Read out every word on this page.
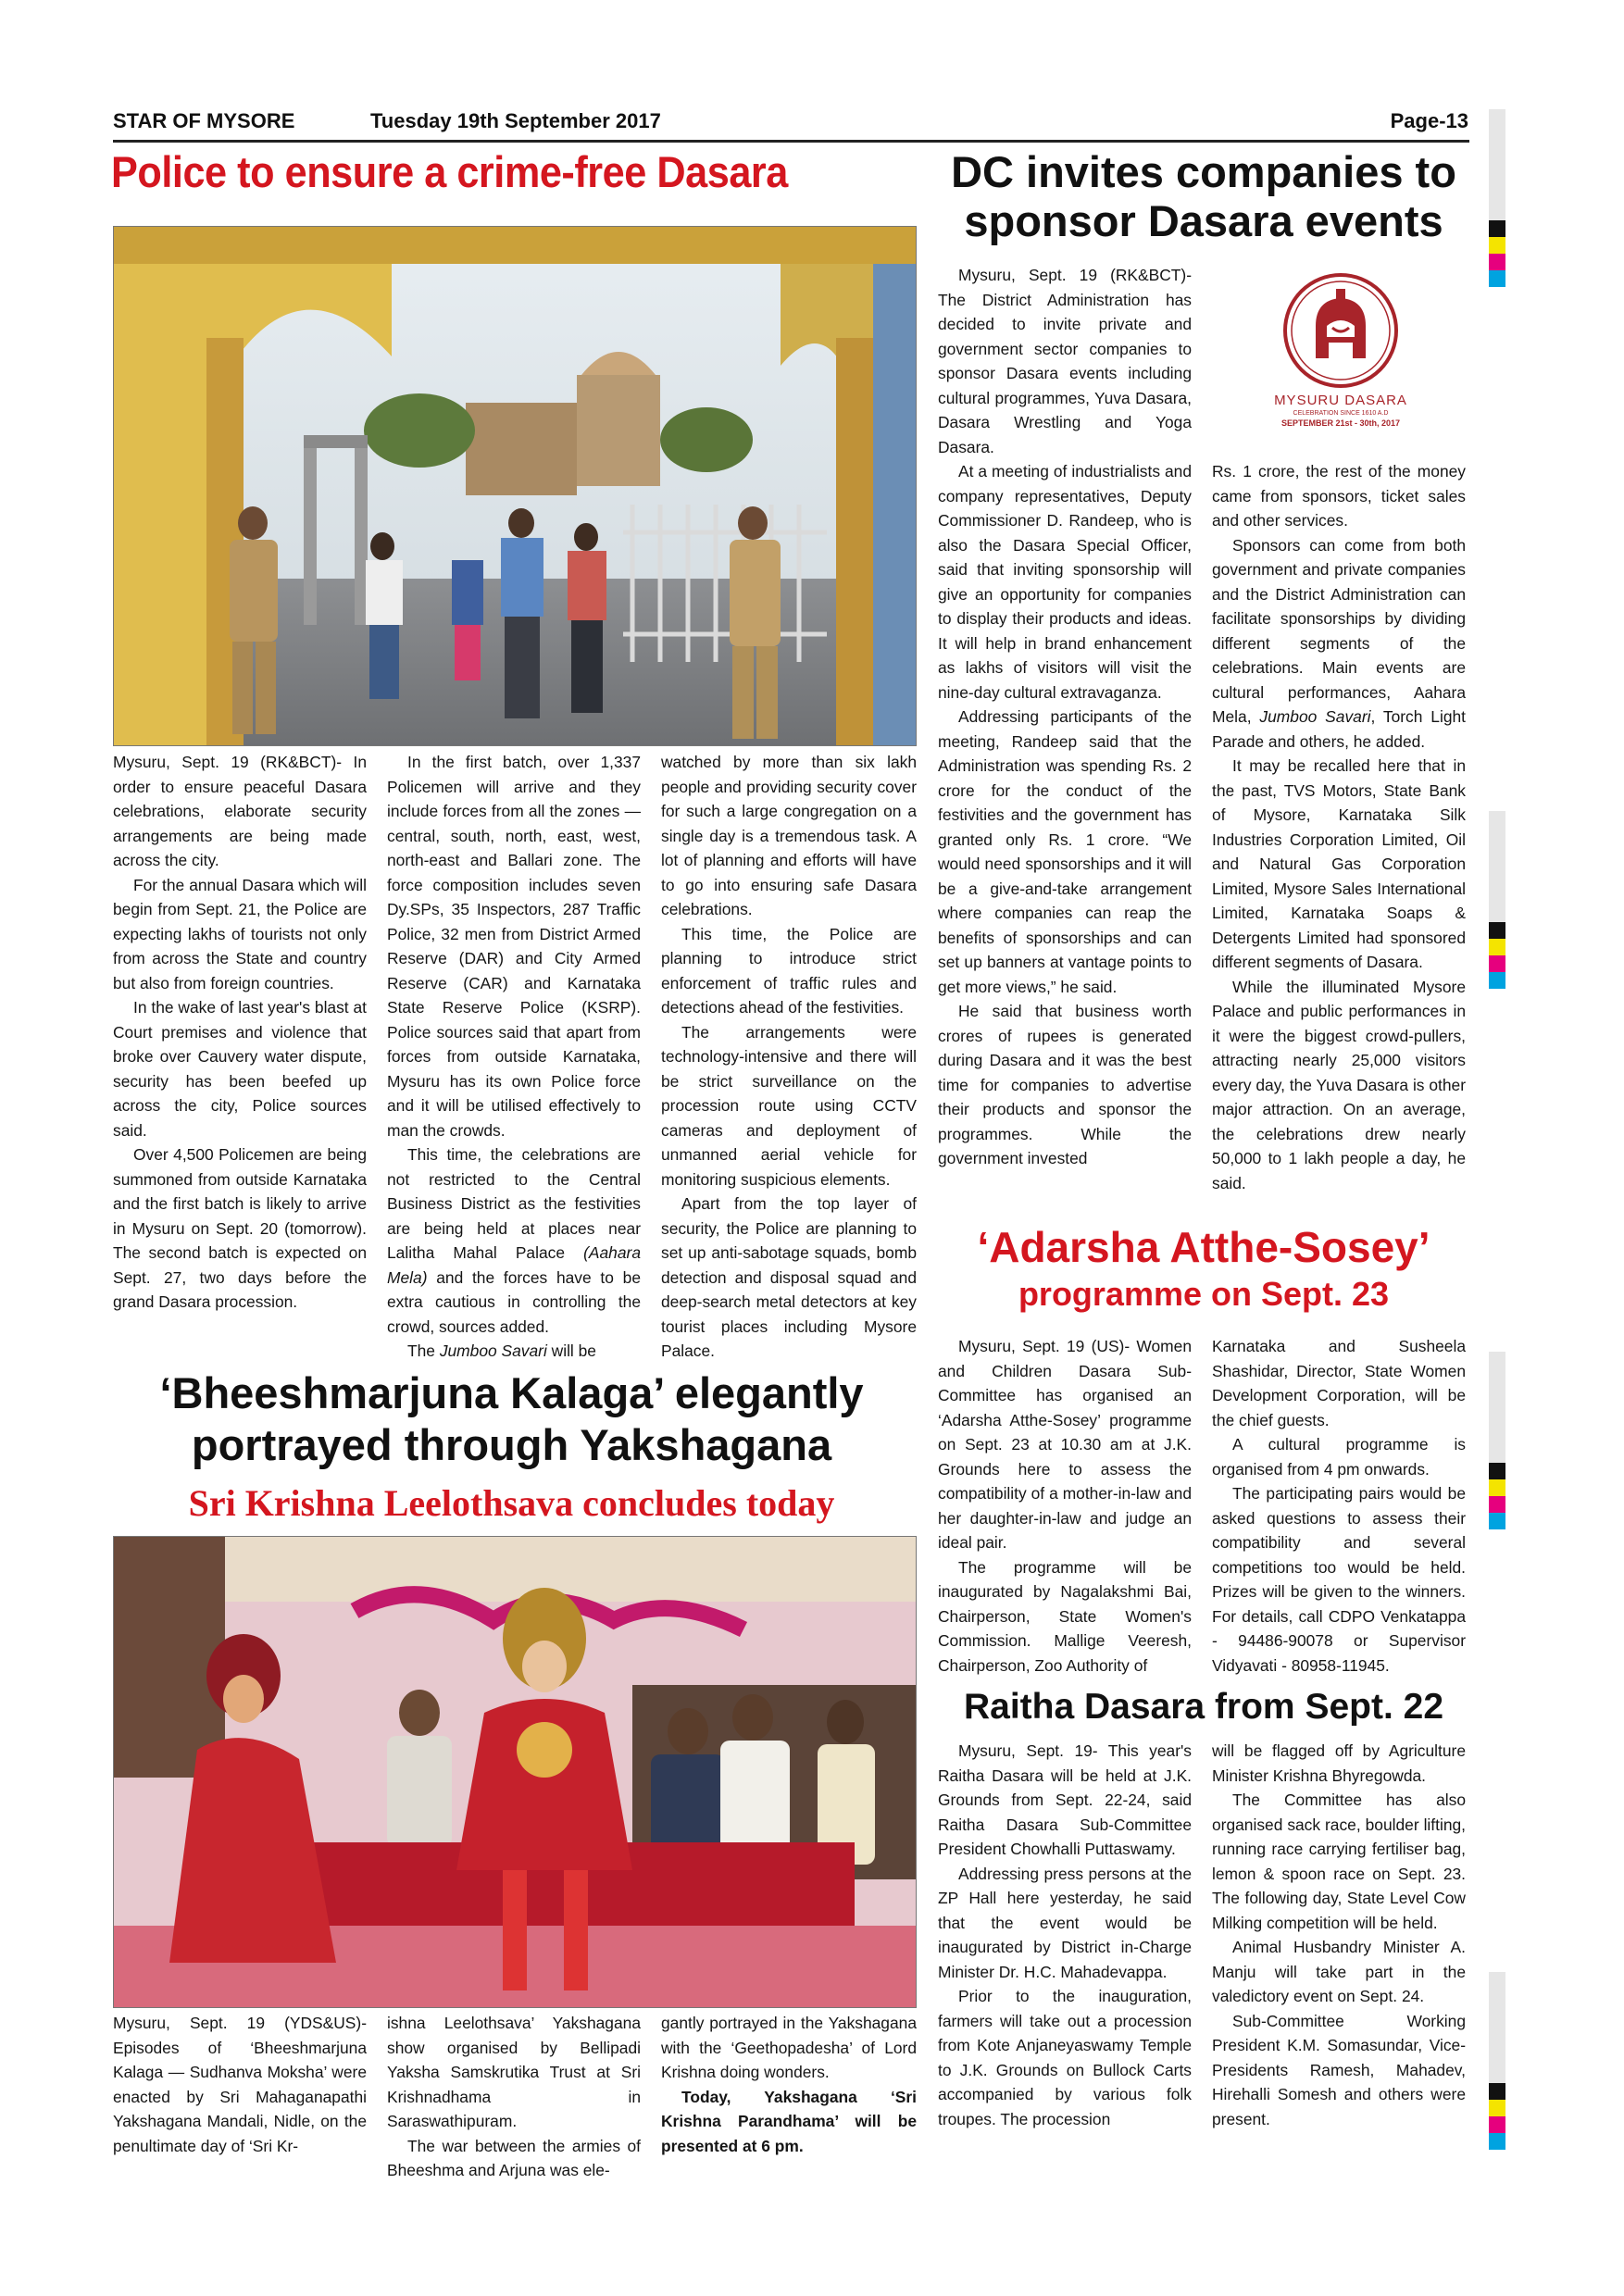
STAR OF MYSORE	Tuesday 19th September 2017	Page-13
Police to ensure a crime-free Dasara

Mysuru, Sept. 19 (RK&BCT)- In order to ensure peaceful Dasara celebrations, elaborate security arrangements are being made across the city.

For the annual Dasara which will begin from Sept. 21, the Police are expecting lakhs of tourists not only from across the State and country but also from foreign countries.

In the wake of last year's blast at Court premises and violence that broke over Cauvery water dispute, security has been beefed up across the city, Police sources said.

Over 4,500 Policemen are being summoned from outside Karnataka and the first batch is likely to arrive in Mysuru on Sept. 20 (tomorrow). The second batch is expected on Sept. 27, two days before the grand Dasara procession.

In the first batch, over 1,337 Policemen will arrive and they include forces from all the zones — central, south, north, east, west, north-east and Ballari zone. The force composition includes seven Dy.SPs, 35 Inspectors, 287 Traffic Police, 32 men from District Armed Reserve (DAR) and City Armed Reserve (CAR) and Karnataka State Reserve Police (KSRP). Police sources said that apart from forces from outside Karnataka, Mysuru has its own Police force and it will be utilised effectively to man the crowds.

This time, the celebrations are not restricted to the Central Business District as the festivities are being held at places near Lalitha Mahal Palace (Aahara Mela) and the forces have to be extra cautious in controlling the crowd, sources added.

The Jumboo Savari will be

watched by more than six lakh people and providing security cover for such a large congregation on a single day is a tremendous task. A lot of planning and efforts will have to go into ensuring safe Dasara celebrations.

This time, the Police are planning to introduce strict enforcement of traffic rules and detections ahead of the festivities.

The arrangements were technology-intensive and there will be strict surveillance on the procession route using CCTV cameras and deployment of unmanned aerial vehicle for monitoring suspicious elements.

Apart from the top layer of security, the Police are planning to set up anti-sabotage squads, bomb detection and disposal squad and deep-search metal detectors at key tourist places including Mysore Palace.

DC invites companies to sponsor Dasara events

Mysuru, Sept. 19 (RK&BCT)- The District Administration has decided to invite private and government sector companies to sponsor Dasara events including cultural programmes, Yuva Dasara, Dasara Wrestling and Yoga Dasara.

At a meeting of industrialists and company representatives, Deputy Commissioner D. Randeep, who is also the Dasara Special Officer, said that inviting sponsorship will give an opportunity for companies to display their products and ideas. It will help in brand enhancement as lakhs of visitors will visit the nine-day cultural extravaganza.

Addressing participants of the meeting, Randeep said that the Administration was spending Rs. 2 crore for the conduct of the festivities and the government has granted only Rs. 1 crore. “We would need sponsorships and it will be a give-and-take arrangement where companies can reap the benefits of sponsorships and can set up banners at vantage points to get more views,” he said.

He said that business worth crores of rupees is generated during Dasara and it was the best time for companies to advertise their products and sponsor the programmes. While the government invested

MYSURU DASARA
CELEBRATION SINCE 1610 A.D
SEPTEMBER 21st - 30th, 2017

Rs. 1 crore, the rest of the money came from sponsors, ticket sales and other services.

Sponsors can come from both government and private companies and the District Administration can facilitate sponsorships by dividing different segments of the celebrations. Main events are cultural performances, Aahara Mela, Jumboo Savari, Torch Light Parade and others, he added.

It may be recalled here that in the past, TVS Motors, State Bank of Mysore, Karnataka Silk Industries Corporation Limited, Oil and Natural Gas Corporation Limited, Mysore Sales International Limited, Karnataka Soaps & Detergents Limited had sponsored different segments of Dasara.

While the illuminated Mysore Palace and public performances in it were the biggest crowd-pullers, attracting nearly 25,000 visitors every day, the Yuva Dasara is other major attraction. On an average, the celebrations drew nearly 50,000 to 1 lakh people a day, he said.

‘Adarsha Atthe-Sosey’
programme on Sept. 23

Mysuru, Sept. 19 (US)- Women and Children Dasara Sub-Committee has organised an ‘Adarsha Atthe-Sosey’ programme on Sept. 23 at 10.30 am at J.K. Grounds here to assess the compatibility of a mother-in-law and her daughter-in-law and judge an ideal pair.

The programme will be inaugurated by Nagalakshmi Bai, Chairperson, State Women's Commission. Mallige Veeresh, Chairperson, Zoo Authority of

Karnataka and Susheela Shashidar, Director, State Women Development Corporation, will be the chief guests.

A cultural programme is organised from 4 pm onwards.

The participating pairs would be asked questions to assess their compatibility and several competitions too would be held. Prizes will be given to the winners. For details, call CDPO Venkatappa - 94486-90078 or Supervisor Vidyavati - 80958-11945.

‘Bheeshmarjuna Kalaga’ elegantly portrayed through Yakshagana
Sri Krishna Leelothsava concludes today

Mysuru, Sept. 19 (YDS&US)- Episodes of ‘Bheeshmarjuna Kalaga — Sudhanva Moksha’ were enacted by Sri Mahaganapathi Yakshagana Mandali, Nidle, on the penultimate day of ‘Sri Kr-

ishna Leelothsava’ Yakshagana show organised by Bellipadi Yaksha Samskrutika Trust at Sri Krishnadhama in Saraswathipuram.

The war between the armies of Bheeshma and Arjuna was ele-

gantly portrayed in the Yakshagana with the ‘Geethopadesha’ of Lord Krishna doing wonders.

Today, Yakshagana ‘Sri Krishna Parandhama’ will be presented at 6 pm.

Raitha Dasara from Sept. 22

Mysuru, Sept. 19- This year's Raitha Dasara will be held at J.K. Grounds from Sept. 22-24, said Raitha Dasara Sub-Committee President Chowhalli Puttaswamy.

Addressing press persons at the ZP Hall here yesterday, he said that the event would be inaugurated by District in-Charge Minister Dr. H.C. Mahadevappa.

Prior to the inauguration, farmers will take out a procession from Kote Anjaneyaswamy Temple to J.K. Grounds on Bullock Carts accompanied by various folk troupes. The procession

will be flagged off by Agriculture Minister Krishna Bhyregowda.

The Committee has also organised sack race, boulder lifting, running race carrying fertiliser bag, lemon & spoon race on Sept. 23. The following day, State Level Cow Milking competition will be held.

Animal Husbandry Minister A. Manju will take part in the valedictory event on Sept. 24.

Sub-Committee Working President K.M. Somasundar, Vice-Presidents Ramesh, Mahadev, Hirehalli Somesh and others were present.
